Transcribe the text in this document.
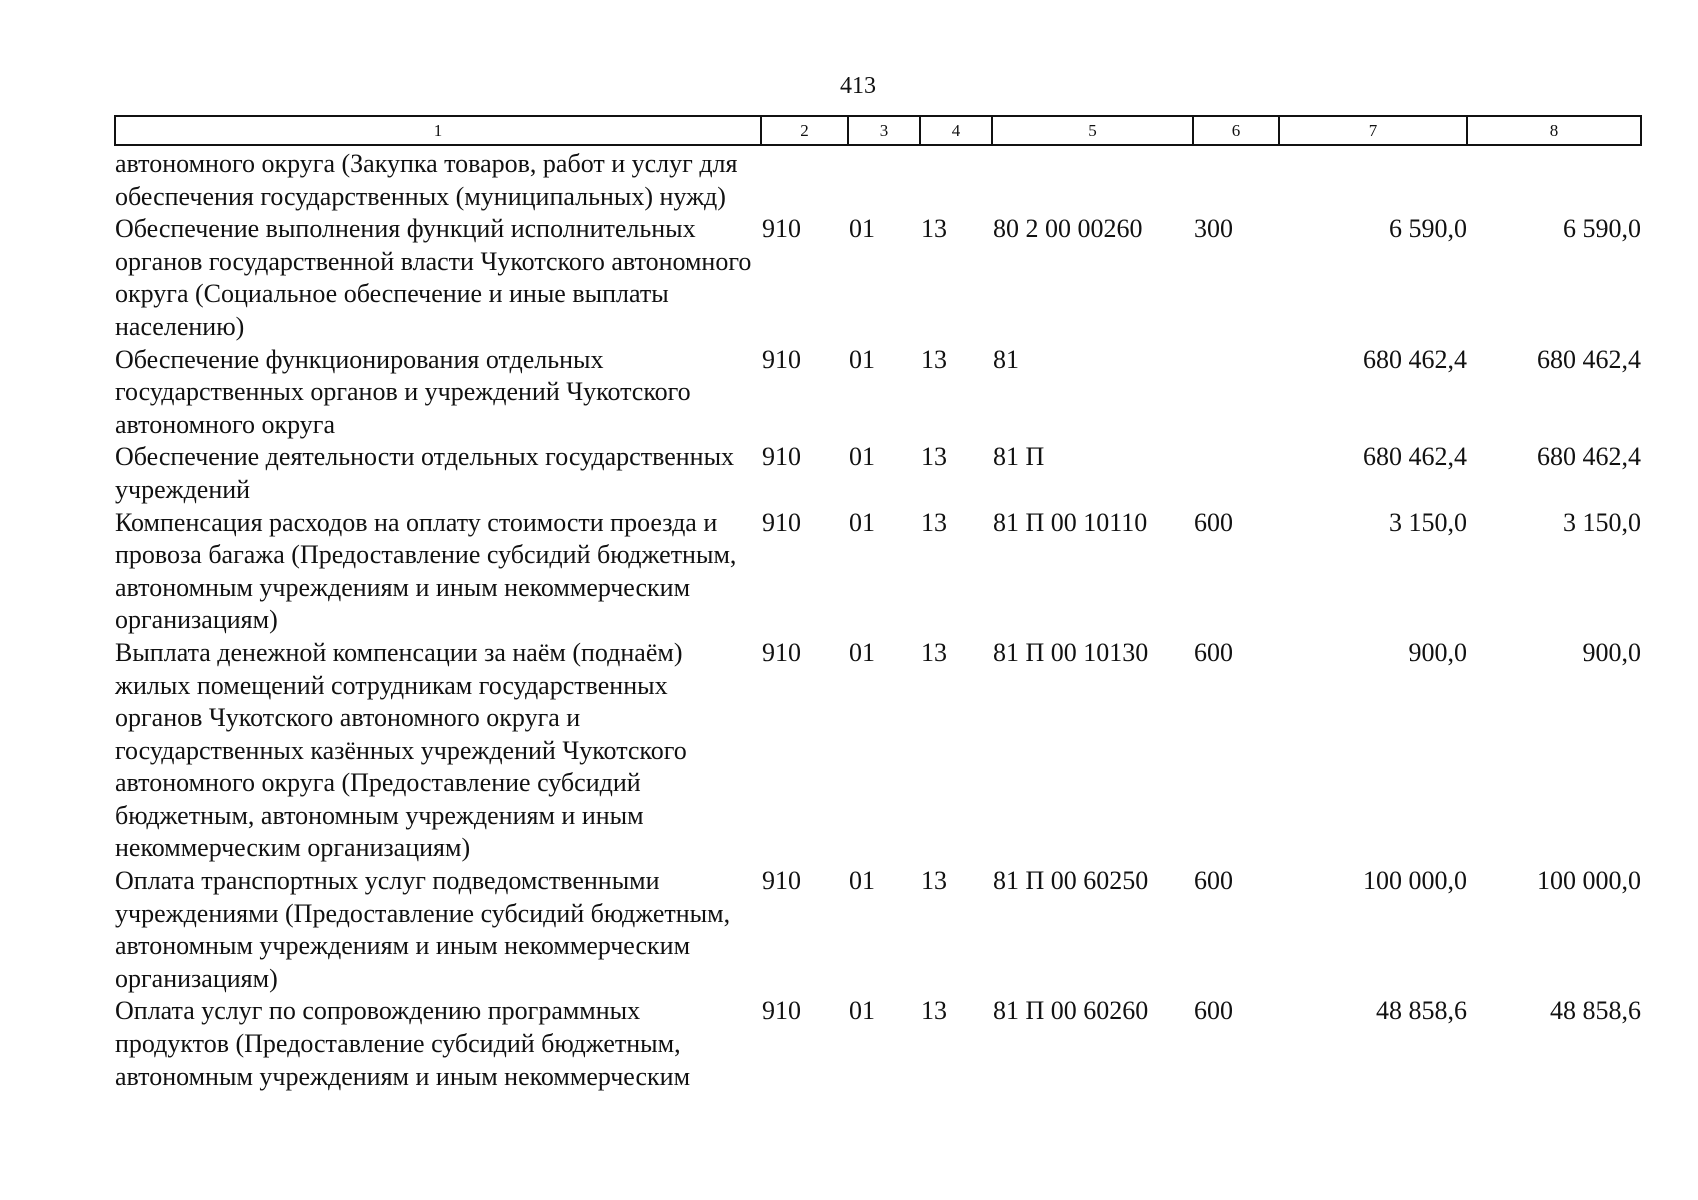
413
1	2	3	4	5	6	7	8
автономного округа (Закупка товаров, работ и услуг для обеспечения государственных (муниципальных) нужд)							
Обеспечение выполнения функций исполнительных органов государственной власти Чукотского автономного округа (Социальное обеспечение и иные выплаты населению)	910	01	13	80 2 00 00260	300	6 590,0	6 590,0
Обеспечение функционирования отдельных государственных органов и учреждений Чукотского автономного округа	910	01	13	81		680 462,4	680 462,4
Обеспечение деятельности отдельных государственных учреждений	910	01	13	81 П		680 462,4	680 462,4
Компенсация расходов на оплату стоимости проезда и провоза багажа (Предоставление субсидий бюджетным, автономным учреждениям и иным некоммерческим организациям)	910	01	13	81 П 00 10110	600	3 150,0	3 150,0
Выплата денежной компенсации за наём (поднаём) жилых помещений сотрудникам государственных органов Чукотского автономного округа и государственных казённых учреждений Чукотского автономного округа (Предоставление субсидий бюджетным, автономным учреждениям и иным некоммерческим организациям)	910	01	13	81 П 00 10130	600	900,0	900,0
Оплата транспортных услуг подведомственными учреждениями (Предоставление субсидий бюджетным, автономным учреждениям и иным некоммерческим организациям)	910	01	13	81 П 00 60250	600	100 000,0	100 000,0
Оплата услуг по сопровождению программных продуктов (Предоставление субсидий бюджетным, автономным учреждениям и иным некоммерческим	910	01	13	81 П 00 60260	600	48 858,6	48 858,6
